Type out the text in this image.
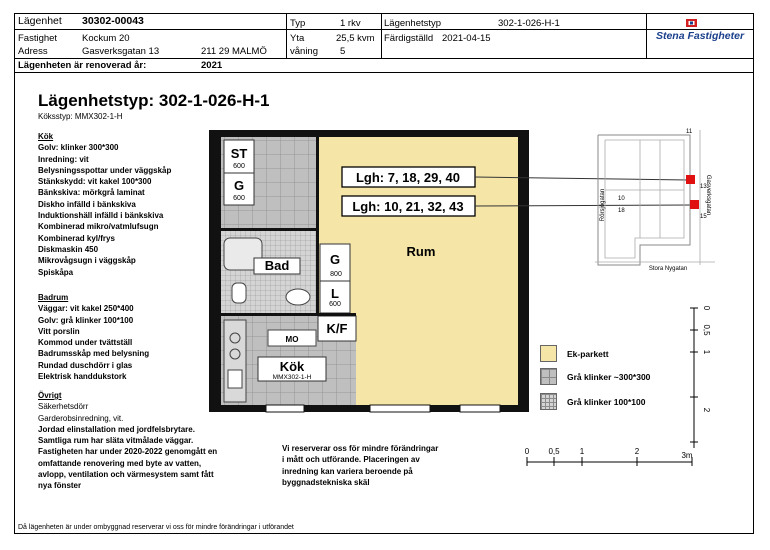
Lägenhet 30302-00043
Fastighet	Kockum 20
Adress	Gasverksgatan 13	211 29 MALMÖ
Typ	1 rkv
Yta	25,5 kvm
våning 5
Lägenhetstyp	302-1-026-H-1
Färdigställd 2021-04-15
Lägenheten är renoverad år:	2021
Stena Fastigheter
Lägenhetstyp: 302-1-026-H-1
Köksstyp: MMX302-1-H
Kök
Golv: klinker 300*300
Inredning: vit
Belysningsspottar under väggskåp
Stänkskydd: vit kakel 100*300
Bänkskiva: mörkgrå laminat
Diskho infälld i bänkskiva
Induktionshäll infälld i bänkskiva
Kombinerad mikro/vatmlufsugn
Kombinerad kyl/frys
Diskmaskin 450
Mikrovågsugn i väggskåp
Spiskåpa
Badrum
Väggar: vit kakel 250*400
Golv: grå klinker 100*100
Vitt porslin
Kommod under tvättställ
Badrumsskåp med belysning
Rundad duschdörr i glas
Elektrisk handdukstork
Övrigt
Säkerhetsdörr
Garderobsinredning, vit.
Jordad elinstallation med jordfelsbrytare.
Samtliga rum har släta vitmålade väggar.
Fastigheten har under 2020-2022 genomgått en
omfattande renovering med byte av vatten,
avlopp, ventilation och värmesystem samt fått
nya fönster
ST
600
G
600
G
800
L
600
K/F
MO
Bad
Kök
MMX302-1-H
Rum
Lgh: 7, 18, 29, 40
Lgh: 10, 21, 32, 43	Gasverksgatan
Rörsjögatan
Stora Nygatan
11
13
10
18
15
0
0,5
1
2
0 0,5	1	2	3m
Ek-parkett
Grå klinker ~300*300
Grå klinker 100*100
Vi reserverar oss för mindre förändringar
i mått och utförande. Placeringen av
inredning kan variera beroende på
byggnadstekniska skäl
Då lägenheten är under ombyggnad reserverar vi oss för mindre förändringar i utförandet
